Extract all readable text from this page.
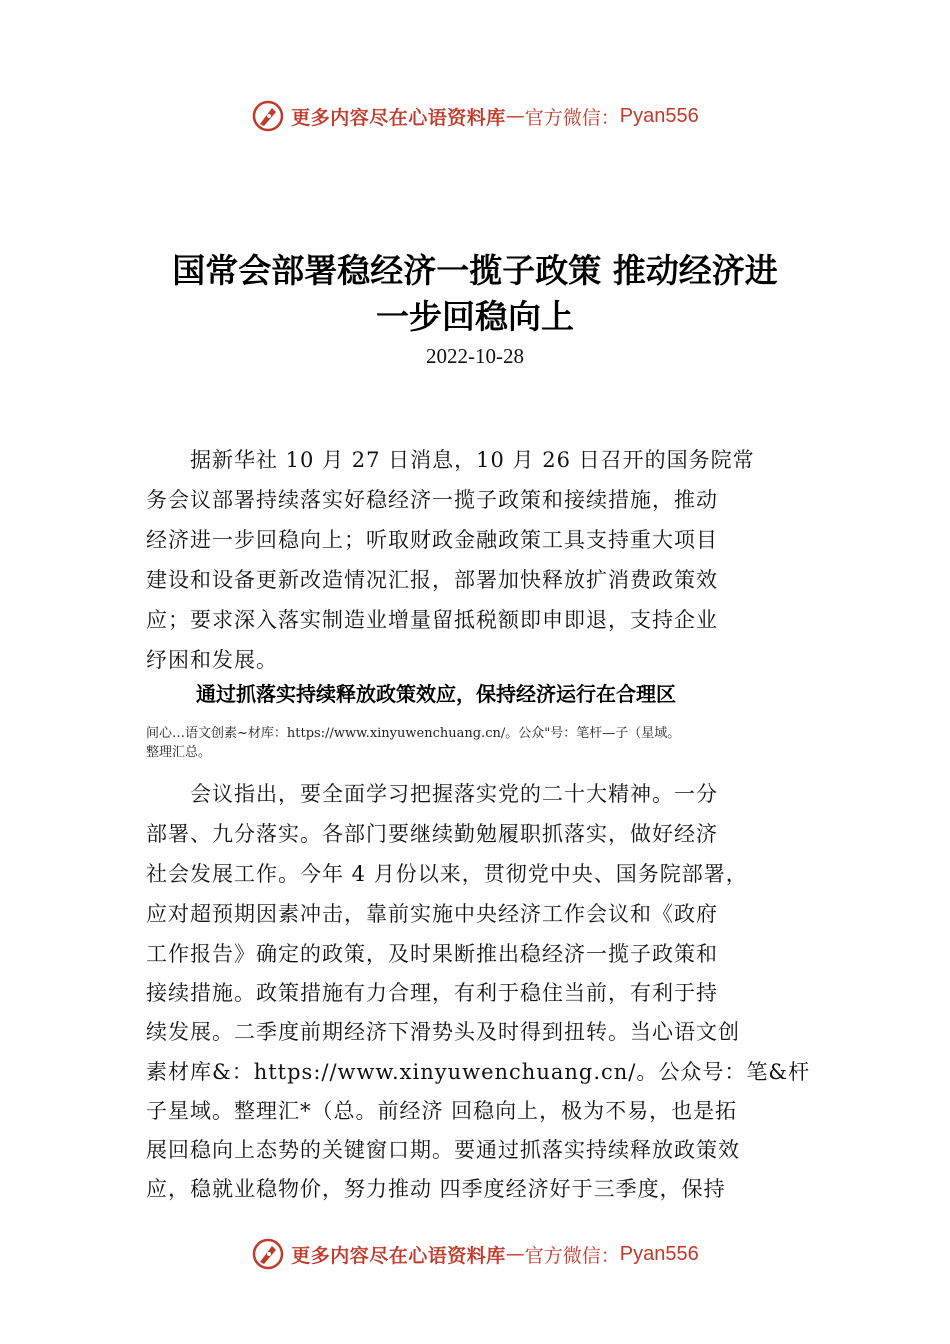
更多内容尽在心语资料库 — 官方微信： Pyan556
国常会部署稳经济一揽子政策 推动经济进
一步回稳向上
2022-10-28
　　据新华社 10 月 27 日消息，10 月 26 日召开的国务院常
务会议部署持续落实好稳经济一揽子政策和接续措施，推动
经济进一步回稳向上；听取财政金融政策工具支持重大项目
建设和设备更新改造情况汇报，部署加快释放扩消费政策效
应；要求深入落实制造业增量留抵税额即申即退，支持企业
纾困和发展。
通过抓落实持续释放政策效应，保持经济运行在合理区
间心…语文创素~材库：https://www.xinyuwenchuang.cn/。公众"号：笔杆—子（星域。
整理汇总。
　　会议指出，要全面学习把握落实党的二十大精神。一分
部署、九分落实。各部门要继续勤勉履职抓落实，做好经济
社会发展工作。今年 4 月份以来，贯彻党中央、国务院部署，
应对超预期因素冲击，靠前实施中央经济工作会议和《政府
工作报告》确定的政策，及时果断推出稳经济一揽子政策和
接续措施。政策措施有力合理，有利于稳住当前，有利于持
续发展。二季度前期经济下滑势头及时得到扭转。当心语文创
素材库&：https://www.xinyuwenchuang.cn/。公众号：笔&杆
子星域。整理汇*（总。前经济 回稳向上，极为不易，也是拓
展回稳向上态势的关键窗口期。要通过抓落实持续释放政策效
应，稳就业稳物价，努力推动 四季度经济好于三季度，保持
更多内容尽在心语资料库 — 官方微信： Pyan556
